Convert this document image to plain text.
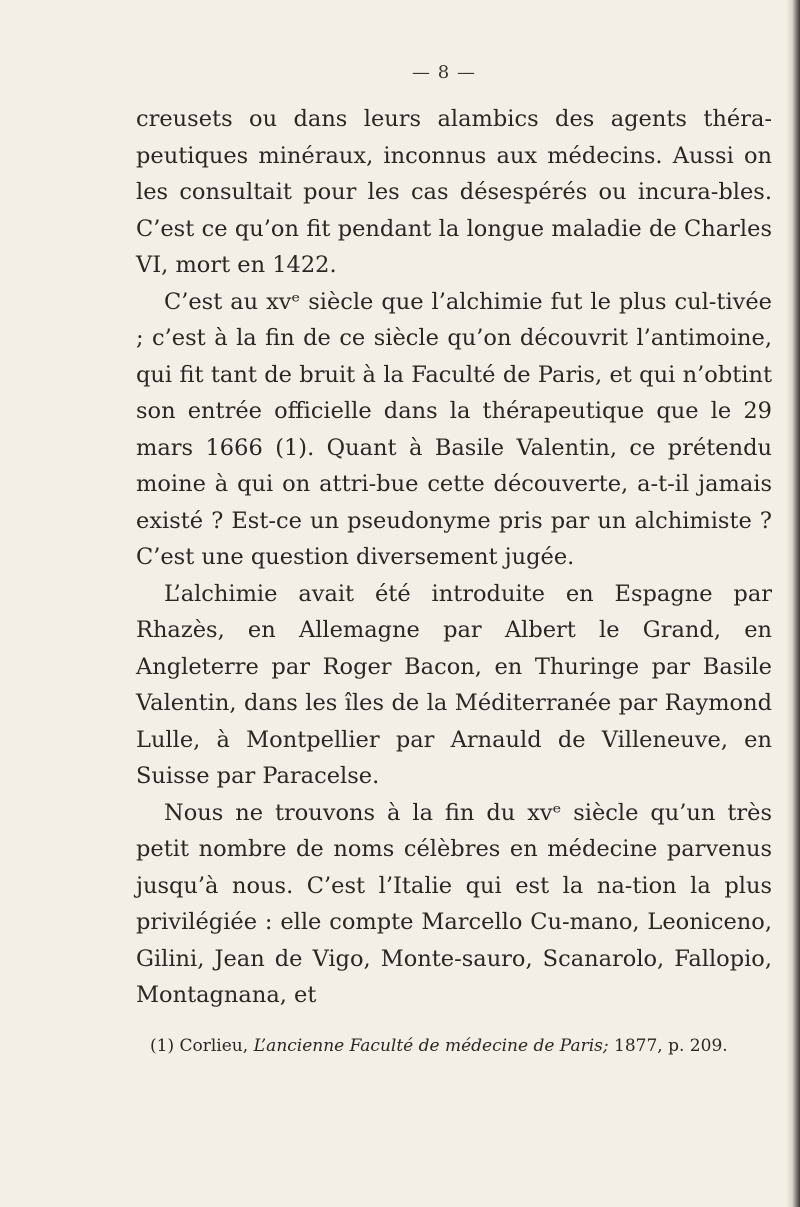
— 8 —

creusets ou dans leurs alambics des agents théra-peutiques minéraux, inconnus aux médecins. Aussi on les consultait pour les cas désespérés ou incura-bles. C’est ce qu’on fit pendant la longue maladie de Charles VI, mort en 1422.

C’est au xvᵉ siècle que l’alchimie fut le plus cul-tivée ; c’est à la fin de ce siècle qu’on découvrit l’antimoine, qui fit tant de bruit à la Faculté de Paris, et qui n’obtint son entrée officielle dans la thérapeutique que le 29 mars 1666 (1). Quant à Basile Valentin, ce prétendu moine à qui on attri-bue cette découverte, a-t-il jamais existé ? Est-ce un pseudonyme pris par un alchimiste ? C’est une question diversement jugée.

L’alchimie avait été introduite en Espagne par Rhazès, en Allemagne par Albert le Grand, en Angleterre par Roger Bacon, en Thuringe par Basile Valentin, dans les îles de la Méditerranée par Raymond Lulle, à Montpellier par Arnauld de Villeneuve, en Suisse par Paracelse.

Nous ne trouvons à la fin du xvᵉ siècle qu’un très petit nombre de noms célèbres en médecine parvenus jusqu’à nous. C’est l’Italie qui est la na-tion la plus privilégiée : elle compte Marcello Cu-mano, Leoniceno, Gilini, Jean de Vigo, Monte-sauro, Scanarolo, Fallopio, Montagnana, et

(1) Corlieu, L’ancienne Faculté de médecine de Paris; 1877, p. 209.
